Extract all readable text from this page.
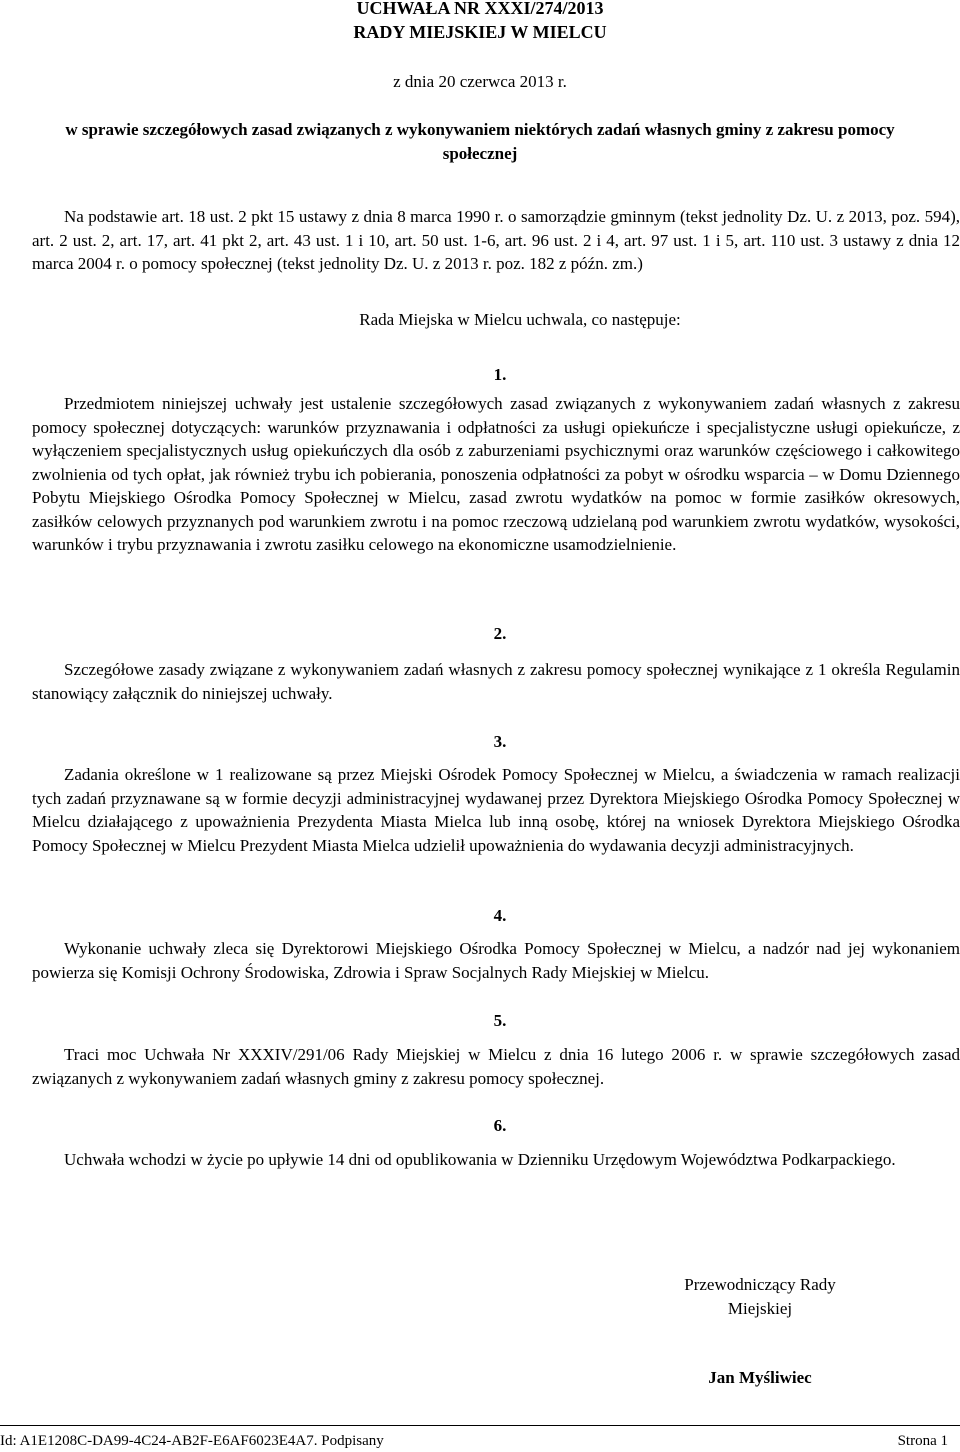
UCHWAŁA NR XXXI/274/2013
RADY MIEJSKIEJ W MIELCU
z dnia 20 czerwca 2013 r.
w sprawie szczegółowych zasad związanych z wykonywaniem niektórych zadań własnych gminy z zakresu pomocy społecznej
Na podstawie art. 18 ust. 2 pkt 15 ustawy z dnia 8 marca 1990 r. o samorządzie gminnym (tekst jednolity Dz. U. z 2013, poz. 594), art. 2 ust. 2, art. 17, art. 41 pkt 2, art. 43 ust. 1 i 10, art. 50 ust. 1-6, art. 96 ust. 2 i 4, art. 97 ust. 1 i 5, art. 110 ust. 3 ustawy z dnia 12 marca 2004 r. o pomocy społecznej (tekst jednolity Dz. U. z 2013 r. poz. 182 z późn. zm.)
Rada Miejska w Mielcu uchwala, co następuje:
1.
Przedmiotem niniejszej uchwały jest ustalenie szczegółowych zasad związanych z wykonywaniem zadań własnych z zakresu pomocy społecznej dotyczących: warunków przyznawania i odpłatności za usługi opiekuńcze i specjalistyczne usługi opiekuńcze, z wyłączeniem specjalistycznych usług opiekuńczych dla osób z zaburzeniami psychicznymi oraz warunków częściowego i całkowitego zwolnienia od tych opłat, jak również trybu ich pobierania, ponoszenia odpłatności za pobyt w ośrodku wsparcia – w Domu Dziennego Pobytu Miejskiego Ośrodka Pomocy Społecznej w Mielcu, zasad zwrotu wydatków na pomoc w formie zasiłków okresowych, zasiłków celowych przyznanych pod warunkiem zwrotu i na pomoc rzeczową udzielaną pod warunkiem zwrotu wydatków, wysokości, warunków i trybu przyznawania i zwrotu zasiłku celowego na ekonomiczne usamodzielnienie.
2.
Szczegółowe zasady związane z wykonywaniem zadań własnych z zakresu pomocy społecznej wynikające z 1 określa Regulamin stanowiący załącznik do niniejszej uchwały.
3.
Zadania określone w 1 realizowane są przez Miejski Ośrodek Pomocy Społecznej w Mielcu, a świadczenia w ramach realizacji tych zadań przyznawane są w formie decyzji administracyjnej wydawanej przez Dyrektora Miejskiego Ośrodka Pomocy Społecznej w Mielcu działającego z upoważnienia Prezydenta Miasta Mielca lub inną osobę, której na wniosek Dyrektora Miejskiego Ośrodka Pomocy Społecznej w Mielcu Prezydent Miasta Mielca udzielił upoważnienia do wydawania decyzji administracyjnych.
4.
Wykonanie uchwały zleca się Dyrektorowi Miejskiego Ośrodka Pomocy Społecznej w Mielcu, a nadzór nad jej wykonaniem powierza się Komisji Ochrony Środowiska, Zdrowia i Spraw Socjalnych Rady Miejskiej w Mielcu.
5.
Traci moc Uchwała Nr XXXIV/291/06 Rady Miejskiej w Mielcu z dnia 16 lutego 2006 r. w sprawie szczegółowych zasad związanych z wykonywaniem zadań własnych gminy z zakresu pomocy społecznej.
6.
Uchwała wchodzi w życie po upływie 14 dni od opublikowania w Dzienniku Urzędowym Województwa Podkarpackiego.
Przewodniczący Rady
Miejskiej
Jan Myśliwiec
Id: A1E1208C-DA99-4C24-AB2F-E6AF6023E4A7. Podpisany	Strona 1
